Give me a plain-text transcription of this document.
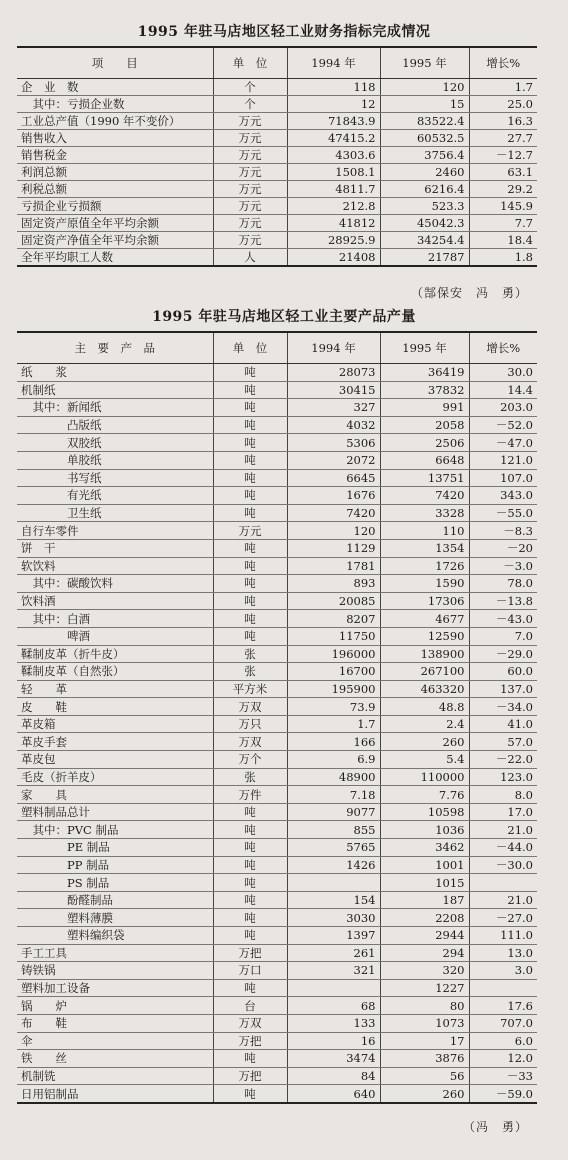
1995 年驻马店地区轻工业财务指标完成情况
项　　目	单　位	1994 年	1995 年	增长%
企　业　数	个	118	120	1.7
　其中：亏损企业数	个	12	15	25.0
工业总产值（1990 年不变价）	万元	71843.9	83522.4	16.3
销售收入	万元	47415.2	60532.5	27.7
销售税金	万元	4303.6	3756.4	－12.7
利润总额	万元	1508.1	2460	63.1
利税总额	万元	4811.7	6216.4	29.2
亏损企业亏损额	万元	212.8	523.3	145.9
固定资产原值全年平均余额	万元	41812	45042.3	7.7
固定资产净值全年平均余额	万元	28925.9	34254.4	18.4
全年平均职工人数	人	21408	21787	1.8
（郜保安　冯　勇）
1995 年驻马店地区轻工业主要产品产量
主　要　产　品	单　位	1994 年	1995 年	增长%
纸　　浆	吨	28073	36419	30.0
机制纸	吨	30415	37832	14.4
　其中：新闻纸	吨	327	991	203.0
　　　　凸版纸	吨	4032	2058	－52.0
　　　　双胶纸	吨	5306	2506	－47.0
　　　　单胶纸	吨	2072	6648	121.0
　　　　书写纸	吨	6645	13751	107.0
　　　　有光纸	吨	1676	7420	343.0
　　　　卫生纸	吨	7420	3328	－55.0
自行车零件	万元	120	110	－8.3
饼　干	吨	1129	1354	－20
软饮料	吨	1781	1726	－3.0
　其中：碳酸饮料	吨	893	1590	78.0
饮料酒	吨	20085	17306	－13.8
　其中：白酒	吨	8207	4677	－43.0
　　　　啤酒	吨	11750	12590	7.0
鞣制皮革（折牛皮）	张	196000	138900	－29.0
鞣制皮革（自然张）	张	16700	267100	60.0
轻　　革	平方米	195900	463320	137.0
皮　　鞋	万双	73.9	48.8	－34.0
革皮箱	万只	1.7	2.4	41.0
革皮手套	万双	166	260	57.0
革皮包	万个	6.9	5.4	－22.0
毛皮（折羊皮）	张	48900	110000	123.0
家　　具	万件	7.18	7.76	8.0
塑料制品总计	吨	9077	10598	17.0
　其中：PVC 制品	吨	855	1036	21.0
　　　　PE 制品	吨	5765	3462	－44.0
　　　　PP 制品	吨	1426	1001	－30.0
　　　　PS 制品	吨		1015	
　　　　酚醛制品	吨	154	187	21.0
　　　　塑料薄膜	吨	3030	2208	－27.0
　　　　塑料编织袋	吨	1397	2944	111.0
手工工具	万把	261	294	13.0
铸铁锅	万口	321	320	3.0
塑料加工设备	吨		1227	
锅　　炉	台	68	80	17.6
布　　鞋	万双	133	1073	707.0
伞	万把	16	17	6.0
铁　　丝	吨	3474	3876	12.0
机制铣	万把	84	56	－33
日用铝制品	吨	640	260	－59.0
（冯　勇）
